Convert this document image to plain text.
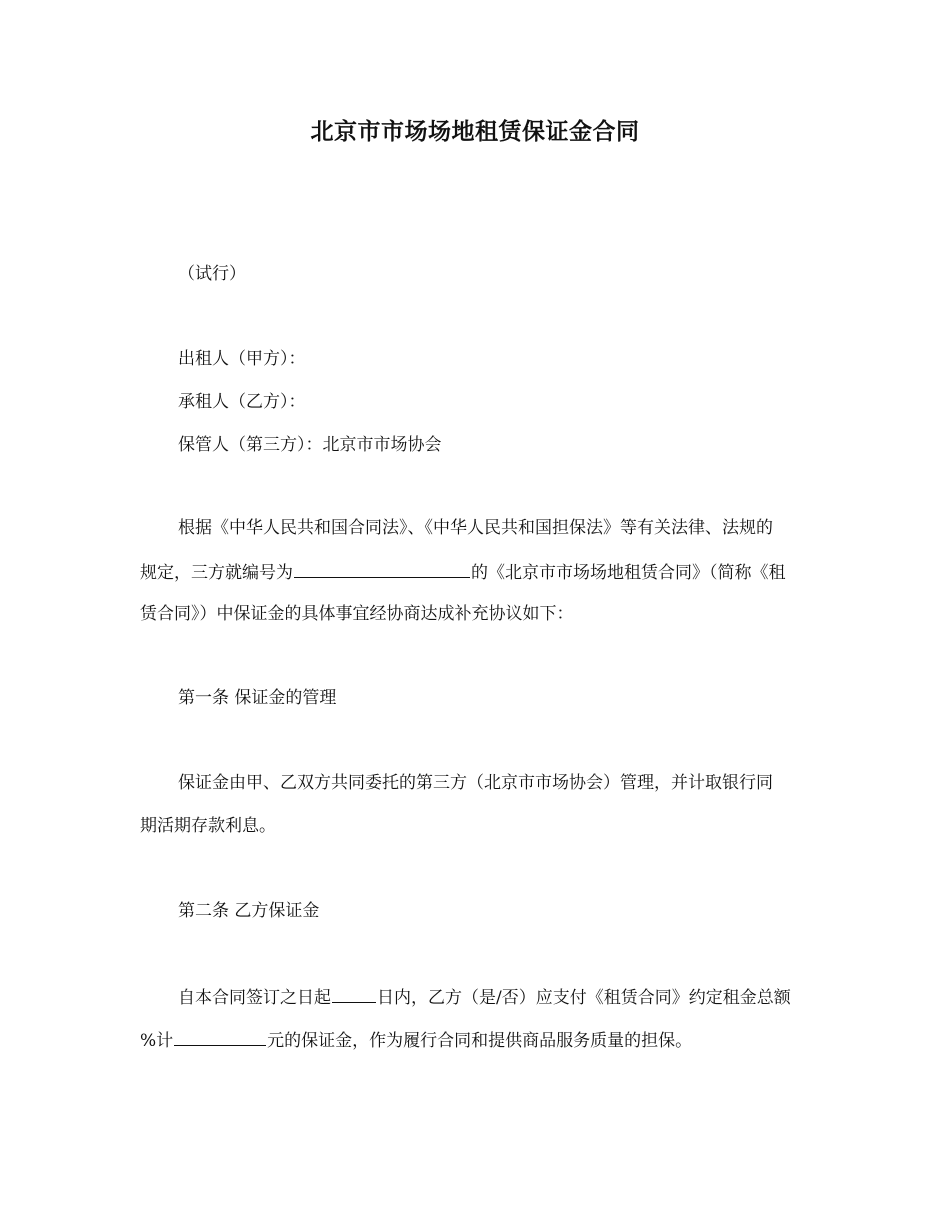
北京市市场场地租赁保证金合同
（试行）
出租人（甲方）：
承租人（乙方）：
保管人（第三方）：北京市市场协会
根据《中华人民共和国合同法》、《中华人民共和国担保法》等有关法律、法规的
规定，三方就编号为	的《北京市市场场地租赁合同》（简称《租
赁合同》）中保证金的具体事宜经协商达成补充协议如下：
第一条 保证金的管理
保证金由甲、乙双方共同委托的第三方（北京市市场协会）管理，并计取银行同
期活期存款利息。
第二条 乙方保证金
自本合同签订之日起	日内，乙方（是/否）应支付《租赁合同》约定租金总额
%计	元的保证金，作为履行合同和提供商品服务质量的担保。
